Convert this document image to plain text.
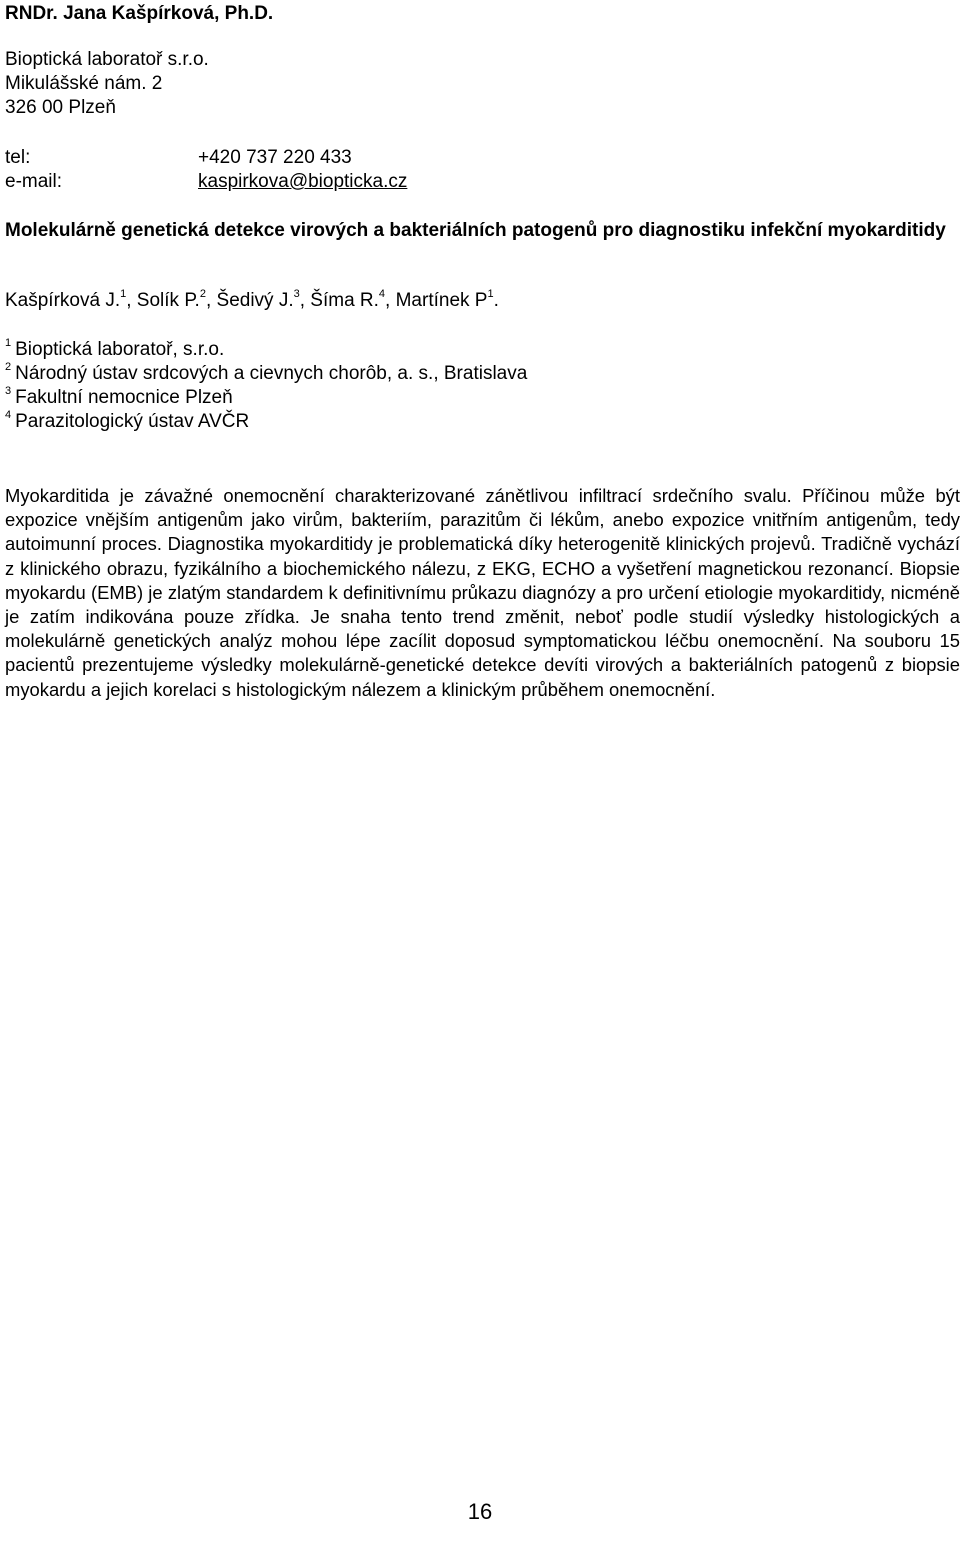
RNDr. Jana Kašpírková, Ph.D.
Bioptická laboratoř s.r.o.
Mikulášské nám. 2
326 00 Plzeň
tel:	+420 737 220 433
e-mail:	kaspirkova@biopticka.cz
Molekulárně genetická detekce virových a bakteriálních patogenů pro diagnostiku infekční myokarditidy
Kašpírková J.$^1$, Solík P.$^2$, Šedivý J.$^3$, Šíma R.$^4$, Martínek $P^1$.
$^1$ Bioptická laboratoř, s.r.o.
$^2$ Národný ústav srdcových a cievnych chorôb, a. s., Bratislava
$^3$ Fakultní nemocnice Plzeň
$^4$ Parazitologický ústav AVČR
Myokarditida je závažné onemocnění charakterizované zánětlivou infiltrací srdečního svalu. Příčinou může být expozice vnějším antigenům jako virům, bakteriím, parazitům či lékům, anebo expozice vnitřním antigenům, tedy autoimunní proces. Diagnostika myokarditidy je problematická díky heterogenitě klinických projevů. Tradičně vychází z klinického obrazu, fyzikálního a biochemického nálezu, z EKG, ECHO a vyšetření magnetickou rezonancí. Biopsie myokardu (EMB) je zlatým standardem k definitivnímu průkazu diagnózy a pro určení etiologie myokarditidy, nicméně je zatím indikována pouze zřídka. Je snaha tento trend změnit, neboť podle studií výsledky histologických a molekulárně genetických analýz mohou lépe zacílit doposud symptomatickou léčbu onemocnění. Na souboru 15 pacientů prezentujeme výsledky molekulárně-genetické detekce devíti virových a bakteriálních patogenů z biopsie myokardu a jejich korelaci s histologickým nálezem a klinickým průběhem onemocnění.
16
